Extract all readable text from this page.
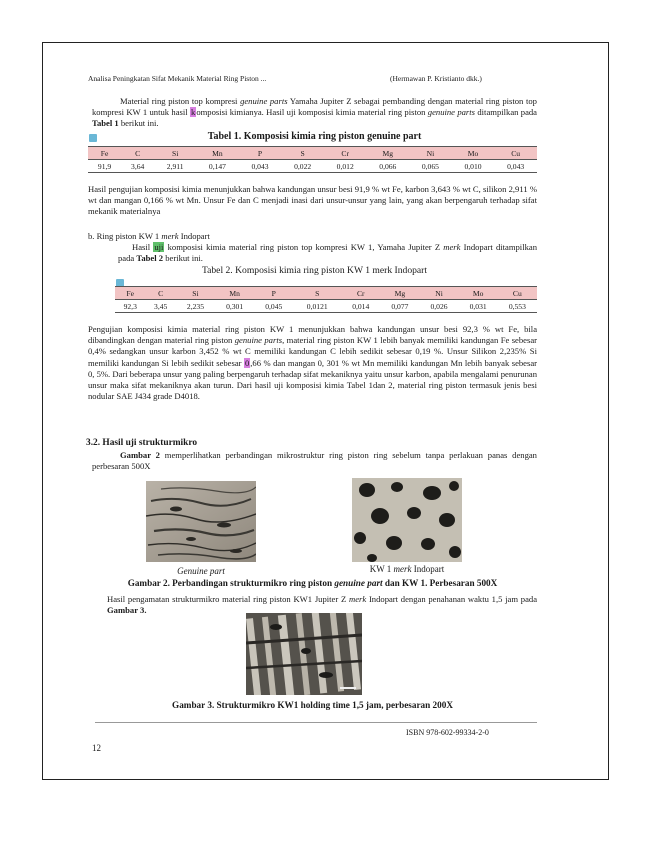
Analisa Peningkatan Sifat Mekanik Material Ring Piston ...	(Hermawan P. Kristianto dkk.)

Material ring piston top kompresi genuine parts Yamaha Jupiter Z sebagai pembanding dengan material ring piston top kompresi KW 1 untuk hasil komposisi kimianya. Hasil uji komposisi kimia material ring piston genuine parts ditampilkan pada Tabel 1 berikut ini.

Tabel 1. Komposisi kimia ring piston genuine part
Fe	C	Si	Mn	P	S	Cr	Mg	Ni	Mo	Cu
91,9	3,64	2,911	0,147	0,043	0,022	0,012	0,066	0,065	0,010	0,043
Hasil pengujian komposisi kimia menunjukkan bahwa kandungan unsur besi 91,9 % wt Fe, karbon 3,643 % wt C, silikon 2,911 % wt dan mangan 0,166 % wt Mn. Unsur Fe dan C menjadi inasi dari unsur-unsur yang lain, yang akan berpengaruh terhadap sifat mekanik materialnya
b. Ring piston KW 1 merk Indopart

Hasil uji komposisi kimia material ring piston top kompresi KW 1, Yamaha Jupiter Z merk Indopart ditampilkan pada Tabel 2 berikut ini.

Tabel 2. Komposisi kimia ring piston KW 1 merk Indopart
Fe	C	Si	Mn	P	S	Cr	Mg	Ni	Mo	Cu
92,3	3,45	2,235	0,301	0,045	0,0121	0,014	0,077	0,026	0,031	0,553
Pengujian komposisi kimia material ring piston KW 1 menunjukkan bahwa kandungan unsur besi 92,3 % wt Fe, bila dibandingkan dengan material ring piston genuine parts, material ring piston KW 1 lebih banyak memiliki kandungan Fe sebesar 0,4% sedangkan unsur karbon 3,452 % wt C memiliki kandungan C lebih sedikit sebesar 0,19 %. Unsur Silikon 2,235% Si memiliki kandungan Si lebih sedikit sebesar 0,66 % dan mangan 0, 301 % wt Mn memiliki kandungan Mn lebih banyak sebesar 0, 5%. Dari beberapa unsur yang paling berpengaruh terhadap sifat mekaniknya yaitu unsur karbon, apabila mengalami penurunan unsur maka sifat mekaniknya akan turun. Dari hasil uji komposisi kimia Tabel 1dan 2, material ring piston termasuk jenis besi nodular SAE J434 grade D4018.
3.2. Hasil uji strukturmikro

Gambar 2 memperlihatkan perbandingan mikrostruktur ring piston ring sebelum tanpa perlakuan panas dengan perbesaran 500X

Genuine part	KW 1 merk Indopart
Gambar 2. Perbandingan strukturmikro ring piston genuine part dan KW 1. Perbesaran 500X
Hasil pengamatan strukturmikro material ring piston KW1 Jupiter Z merk Indopart dengan penahanan waktu 1,5 jam pada Gambar 3.
Gambar 3. Strukturmikro KW1 holding time 1,5 jam, perbesaran 200X
ISBN 978-602-99334-2-0
12
